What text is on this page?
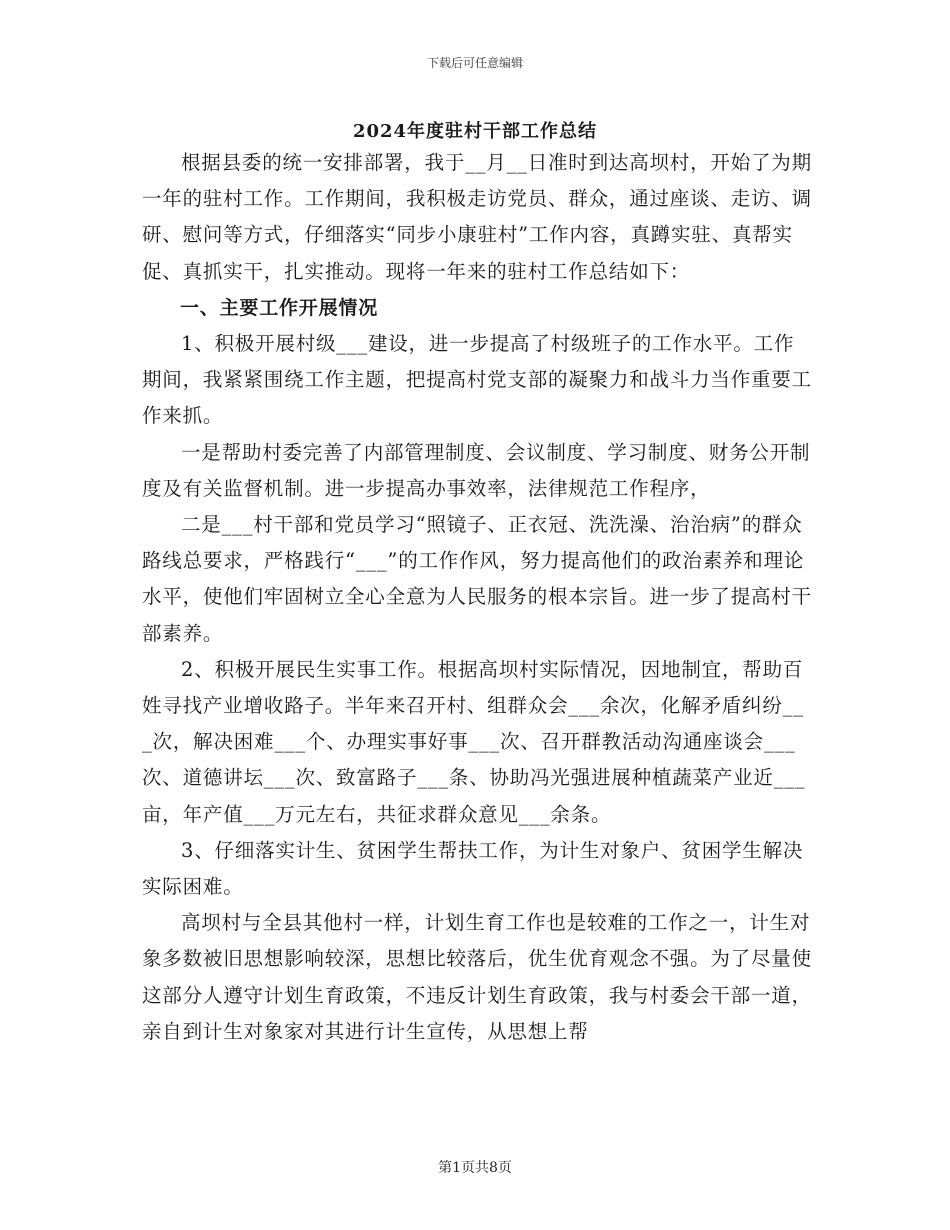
下载后可任意编辑
2024年度驻村干部工作总结

根据县委的统一安排部署，我于__月__日准时到达高坝村，开始了为期一年的驻村工作。工作期间，我积极走访党员、群众，通过座谈、走访、调研、慰问等方式，仔细落实“同步小康驻村”工作内容，真蹲实驻、真帮实促、真抓实干，扎实推动。现将一年来的驻村工作总结如下：

一、主要工作开展情况

1、积极开展村级___建设，进一步提高了村级班子的工作水平。工作期间，我紧紧围绕工作主题，把提高村党支部的凝聚力和战斗力当作重要工作来抓。

一是帮助村委完善了内部管理制度、会议制度、学习制度、财务公开制度及有关监督机制。进一步提高办事效率，法律规范工作程序，

二是___村干部和党员学习“照镜子、正衣冠、洗洗澡、治治病”的群众路线总要求，严格践行“___”的工作作风，努力提高他们的政治素养和理论水平，使他们牢固树立全心全意为人民服务的根本宗旨。进一步了提高村干部素养。

2、积极开展民生实事工作。根据高坝村实际情况，因地制宜，帮助百姓寻找产业增收路子。半年来召开村、组群众会___余次，化解矛盾纠纷___次，解决困难___个、办理实事好事___次、召开群教活动沟通座谈会___次、道德讲坛___次、致富路子___条、协助冯光强进展种植蔬菜产业近___亩，年产值___万元左右，共征求群众意见___余条。

3、仔细落实计生、贫困学生帮扶工作，为计生对象户、贫困学生解决实际困难。

高坝村与全县其他村一样，计划生育工作也是较难的工作之一，计生对象多数被旧思想影响较深，思想比较落后，优生优育观念不强。为了尽量使这部分人遵守计划生育政策，不违反计划生育政策，我与村委会干部一道，亲自到计生对象家对其进行计生宣传，从思想上帮

第1页共8页
